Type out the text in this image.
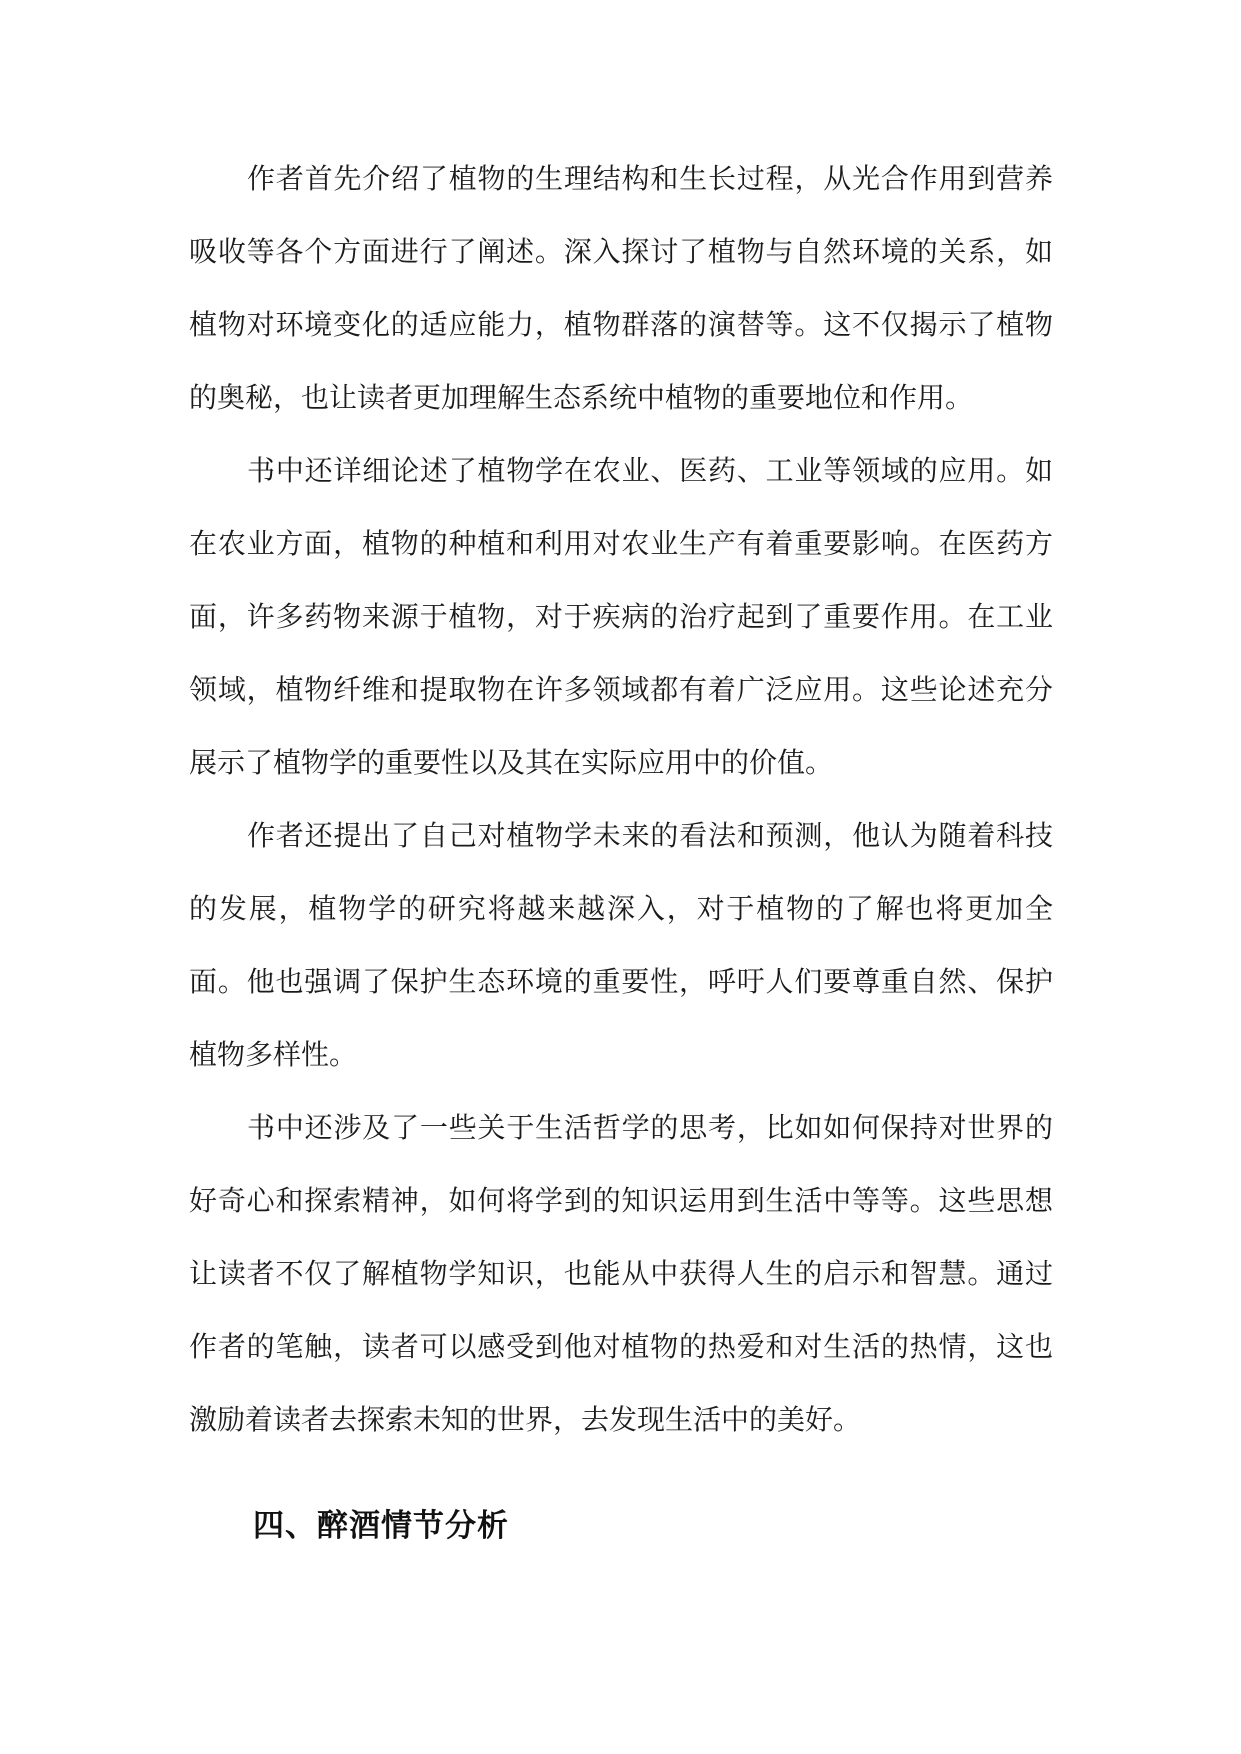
作者首先介绍了植物的生理结构和生长过程，从光合作用到营养吸收等各个方面进行了阐述。深入探讨了植物与自然环境的关系，如植物对环境变化的适应能力，植物群落的演替等。这不仅揭示了植物的奥秘，也让读者更加理解生态系统中植物的重要地位和作用。

书中还详细论述了植物学在农业、医药、工业等领域的应用。如在农业方面，植物的种植和利用对农业生产有着重要影响。在医药方面，许多药物来源于植物，对于疾病的治疗起到了重要作用。在工业领域，植物纤维和提取物在许多领域都有着广泛应用。这些论述充分展示了植物学的重要性以及其在实际应用中的价值。

作者还提出了自己对植物学未来的看法和预测，他认为随着科技的发展，植物学的研究将越来越深入，对于植物的了解也将更加全面。他也强调了保护生态环境的重要性，呼吁人们要尊重自然、保护植物多样性。

书中还涉及了一些关于生活哲学的思考，比如如何保持对世界的好奇心和探索精神，如何将学到的知识运用到生活中等等。这些思想让读者不仅了解植物学知识，也能从中获得人生的启示和智慧。通过作者的笔触，读者可以感受到他对植物的热爱和对生活的热情，这也激励着读者去探索未知的世界，去发现生活中的美好。

四、醉酒情节分析
